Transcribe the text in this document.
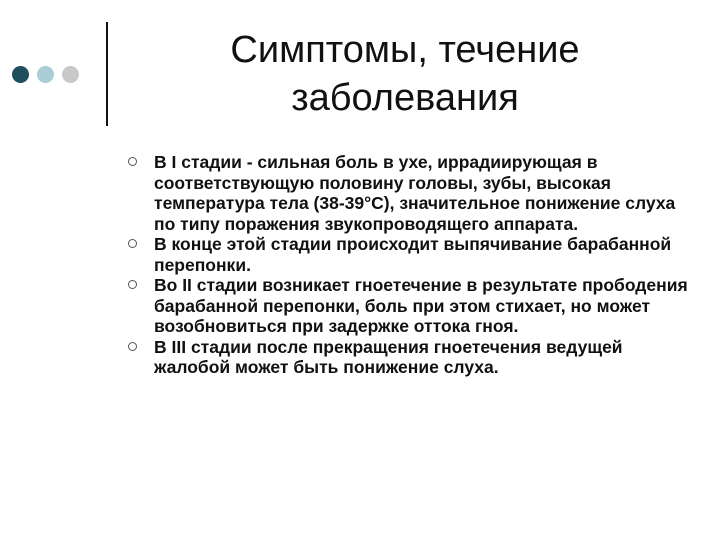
Симптомы, течение
заболевания
В I стадии - сильная боль в ухе, иррадиирующая в соответствующую половину головы, зубы, высокая температура тела (38-39°С), значительное понижение слуха по типу поражения звукопроводящего аппарата.
В конце этой стадии происходит выпячивание барабанной перепонки.
Во II стадии возникает гноетечение в результате прободения барабанной перепонки, боль при этом стихает, но может возобновиться при задержке оттока гноя.
В III стадии после прекращения гноетечения ведущей жалобой может быть понижение слуха.
